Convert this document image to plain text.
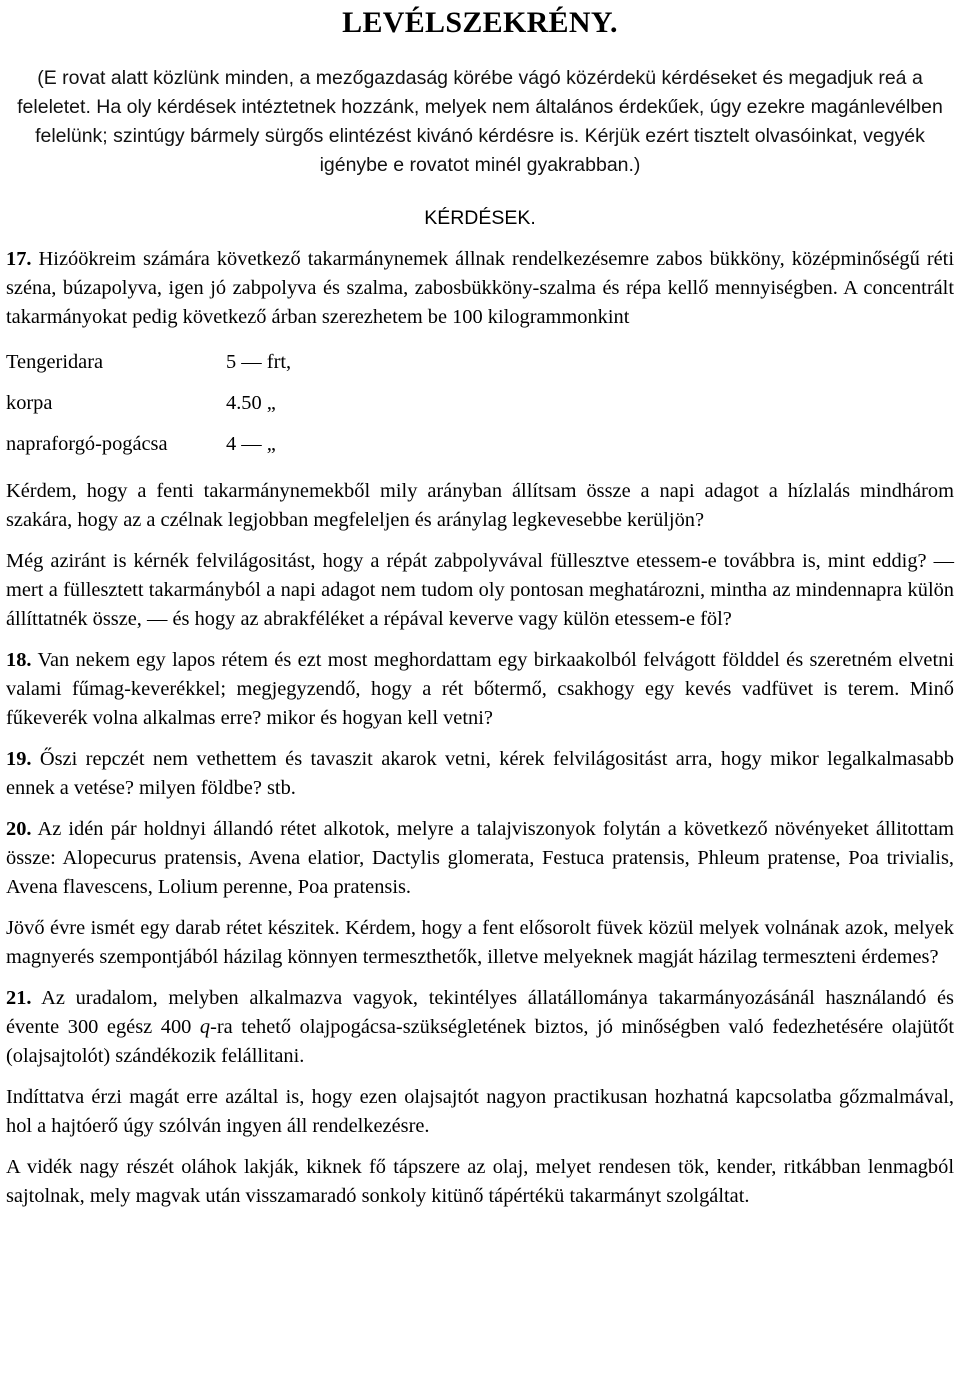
LEVÉLSZEKRÉNY.
(E rovat alatt közlünk minden, a mezőgazdaság körébe vágó közérdekü kérdéseket és megadjuk reá a feleletet. Ha oly kérdések intéztetnek hozzánk, melyek nem általános érdekűek, úgy ezekre magánlevélben felelünk; szintúgy bármely sürgős elintézést kivánó kérdésre is. Kérjük ezért tisztelt olvasóinkat, vegyék igénybe e rovatot minél gyakrabban.)
KÉRDÉSEK.

17. Hizóökreim számára következő takarmánynemek állnak rendelkezésemre zabos bükköny, középminőségű réti széna, búzapolyva, igen jó zabpolyva és szalma, zabosbükköny-szalma és répa kellő mennyiségben. A concentrált takarmányokat pedig következő árban szerezhetem be 100 kilogrammonkint

Tengeridara	5 — frt,
korpa	4.50 „
napraforgó-pogácsa	4 — „

Kérdem, hogy a fenti takarmánynemekből mily arányban állítsam össze a napi adagot a hízlalás mindhárom szakára, hogy az a czélnak legjobban megfeleljen és aránylag legkevesebbe kerüljön?

Még aziránt is kérnék felvilágositást, hogy a répát zabpolyvával füllesztve etessem-e továbbra is, mint eddig? — mert a füllesztett takarmányból a napi adagot nem tudom oly pontosan meghatározni, mintha az mindennapra külön állíttatnék össze, — és hogy az abrakféléket a répával keverve vagy külön etessem-e föl?

18. Van nekem egy lapos rétem és ezt most meghordattam egy birkaakolból felvágott földdel és szeretném elvetni valami fűmag-keverékkel; megjegyzendő, hogy a rét bőtermő, csakhogy egy kevés vadfüvet is terem. Minő fűkeverék volna alkalmas erre? mikor és hogyan kell vetni?

19. Őszi repczét nem vethettem és tavaszit akarok vetni, kérek felvilágositást arra, hogy mikor legalkalmasabb ennek a vetése? milyen földbe? stb.

20. Az idén pár holdnyi állandó rétet alkotok, melyre a talajviszonyok folytán a következő növényeket állitottam össze: Alopecurus pratensis, Avena elatior, Dactylis glomerata, Festuca pratensis, Phleum pratense, Poa trivialis, Avena flavescens, Lolium perenne, Poa pratensis.

Jövő évre ismét egy darab rétet készitek. Kérdem, hogy a fent elősorolt füvek közül melyek volnának azok, melyek magnyerés szempontjából házilag könnyen termeszthetők, illetve melyeknek magját házilag termeszteni érdemes?

21. Az uradalom, melyben alkalmazva vagyok, tekintélyes állatállománya takarmányozásánál használandó és évente 300 egész 400 q-ra tehető olajpogácsa-szükségletének biztos, jó minőségben való fedezhetésére olajütőt (olajsajtolót) szándékozik felállitani.

Indíttatva érzi magát erre azáltal is, hogy ezen olajsajtót nagyon practikusan hozhatná kapcsolatba gőzmalmával, hol a hajtóerő úgy szólván ingyen áll rendelkezésre.

A vidék nagy részét oláhok lakják, kiknek fő tápszere az olaj, melyet rendesen tök, kender, ritkábban lenmagból sajtolnak, mely magvak után visszamaradó sonkoly kitünő tápértékü takarmányt szolgáltat.
